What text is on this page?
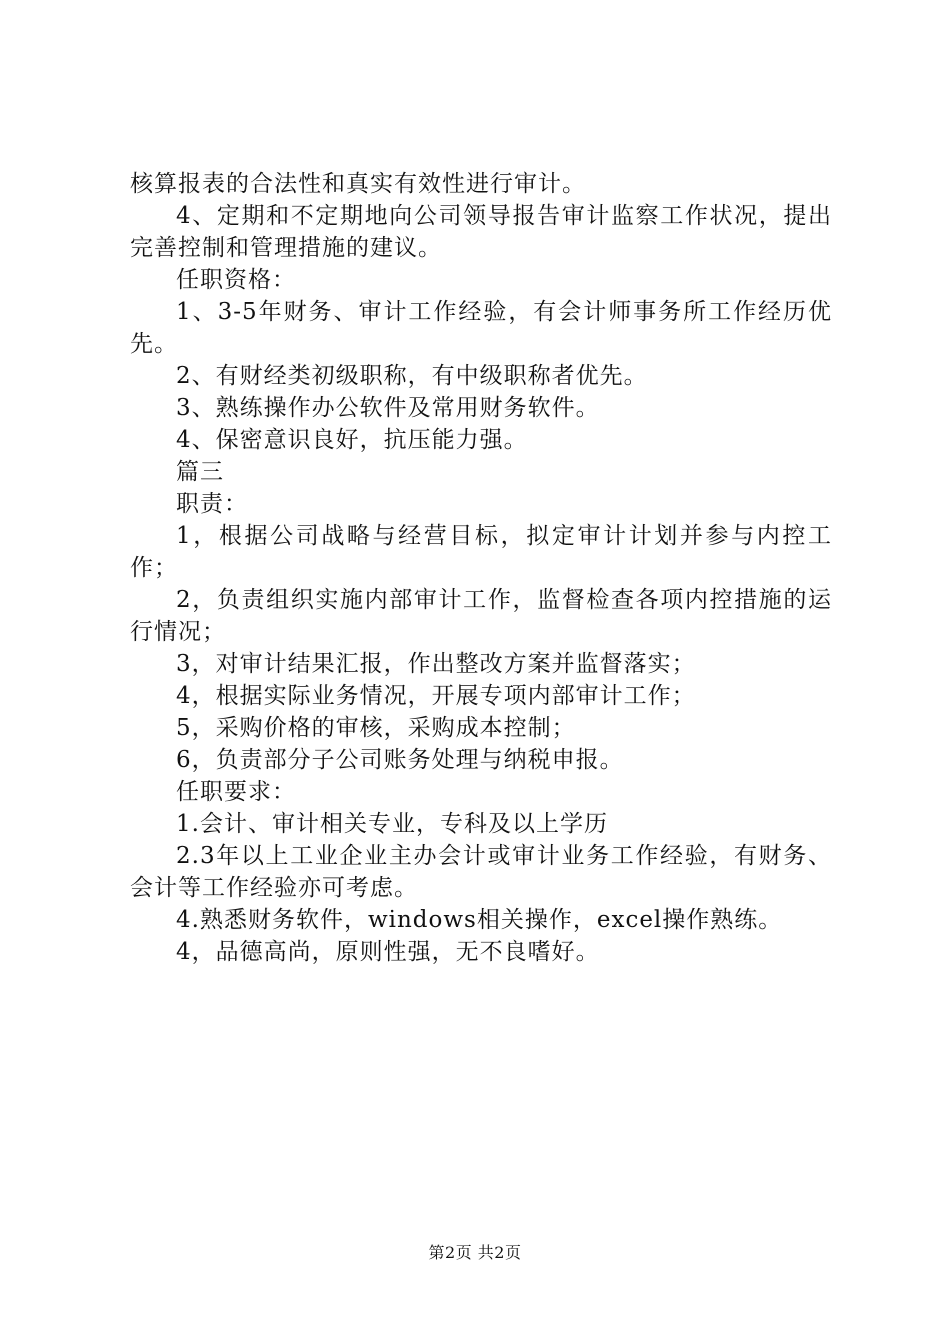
核算报表的合法性和真实有效性进行审计。

4、定期和不定期地向公司领导报告审计监察工作状况，提出完善控制和管理措施的建议。

任职资格：

1、3-5年财务、审计工作经验，有会计师事务所工作经历优先。

2、有财经类初级职称，有中级职称者优先。

3、熟练操作办公软件及常用财务软件。

4、保密意识良好，抗压能力强。

篇三

职责：

1，根据公司战略与经营目标，拟定审计计划并参与内控工作；

2，负责组织实施内部审计工作，监督检查各项内控措施的运行情况；

3，对审计结果汇报，作出整改方案并监督落实；

4，根据实际业务情况，开展专项内部审计工作；

5，采购价格的审核，采购成本控制；

6，负责部分子公司账务处理与纳税申报。

任职要求：

1.会计、审计相关专业，专科及以上学历

2.3年以上工业企业主办会计或审计业务工作经验，有财务、会计等工作经验亦可考虑。

4.熟悉财务软件，windows相关操作，excel操作熟练。

4，品德高尚，原则性强，无不良嗜好。

第2页 共2页
